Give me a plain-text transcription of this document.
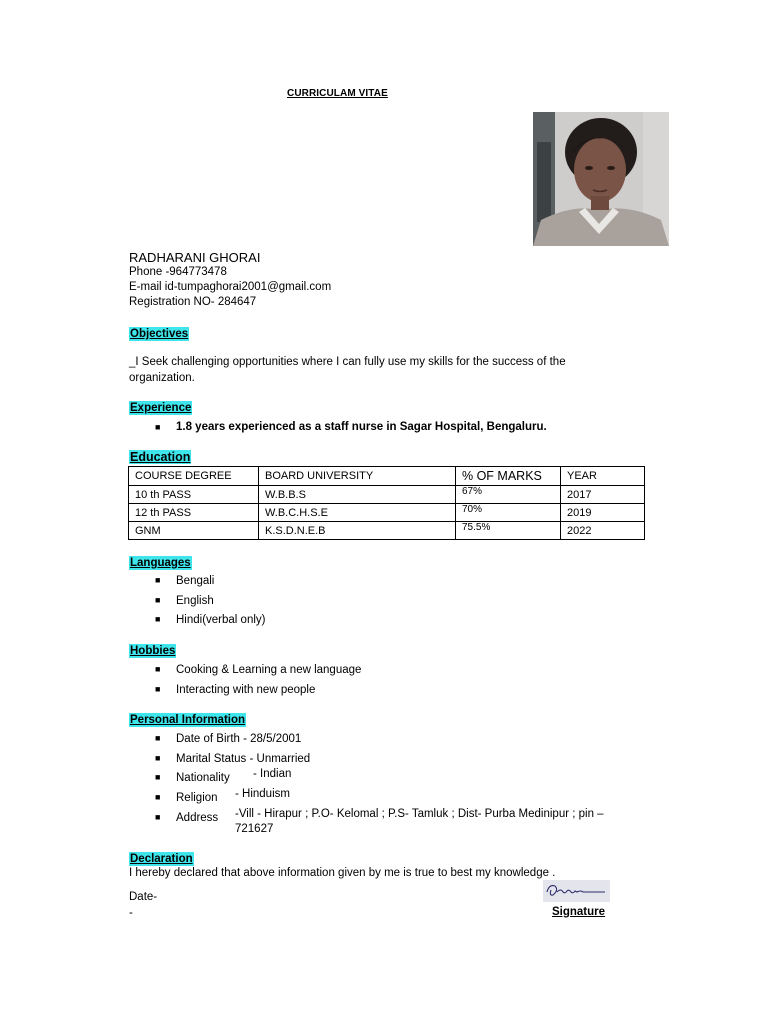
CURRICULAM VITAE
RADHARANI GHORAI
Phone -964773478
E-mail id-tumpaghorai2001@gmail.com
Registration NO- 284647
Objectives
_I Seek challenging opportunities where I can fully use my skills for the success of the organization.
Experience
■ 1.8 years experienced as a staff nurse in Sagar Hospital, Bengaluru.
Education
COURSE DEGREE	BOARD UNIVERSITY	% OF MARKS	YEAR
10 th PASS	W.B.B.S	67%	2017
12 th PASS	W.B.C.H.S.E	70%	2019
GNM	K.S.D.N.E.B	75.5%	2022
Languages
■ Bengali
■ English
■ Hindi(verbal only)
Hobbies
■ Cooking & Learning a new language
■ Interacting with new people
Personal Information
■ Date of Birth - 28/5/2001
■ Marital Status - Unmarried
■ Nationality - Indian
■ Religion - Hinduism
■ Address -Vill - Hirapur ; P.O- Kelomal ; P.S- Tamluk ; Dist- Purba Medinipur ; pin –
721627
Declaration
I hereby declared that above information given by me is true to best my knowledge .
Date-
-	Signature
